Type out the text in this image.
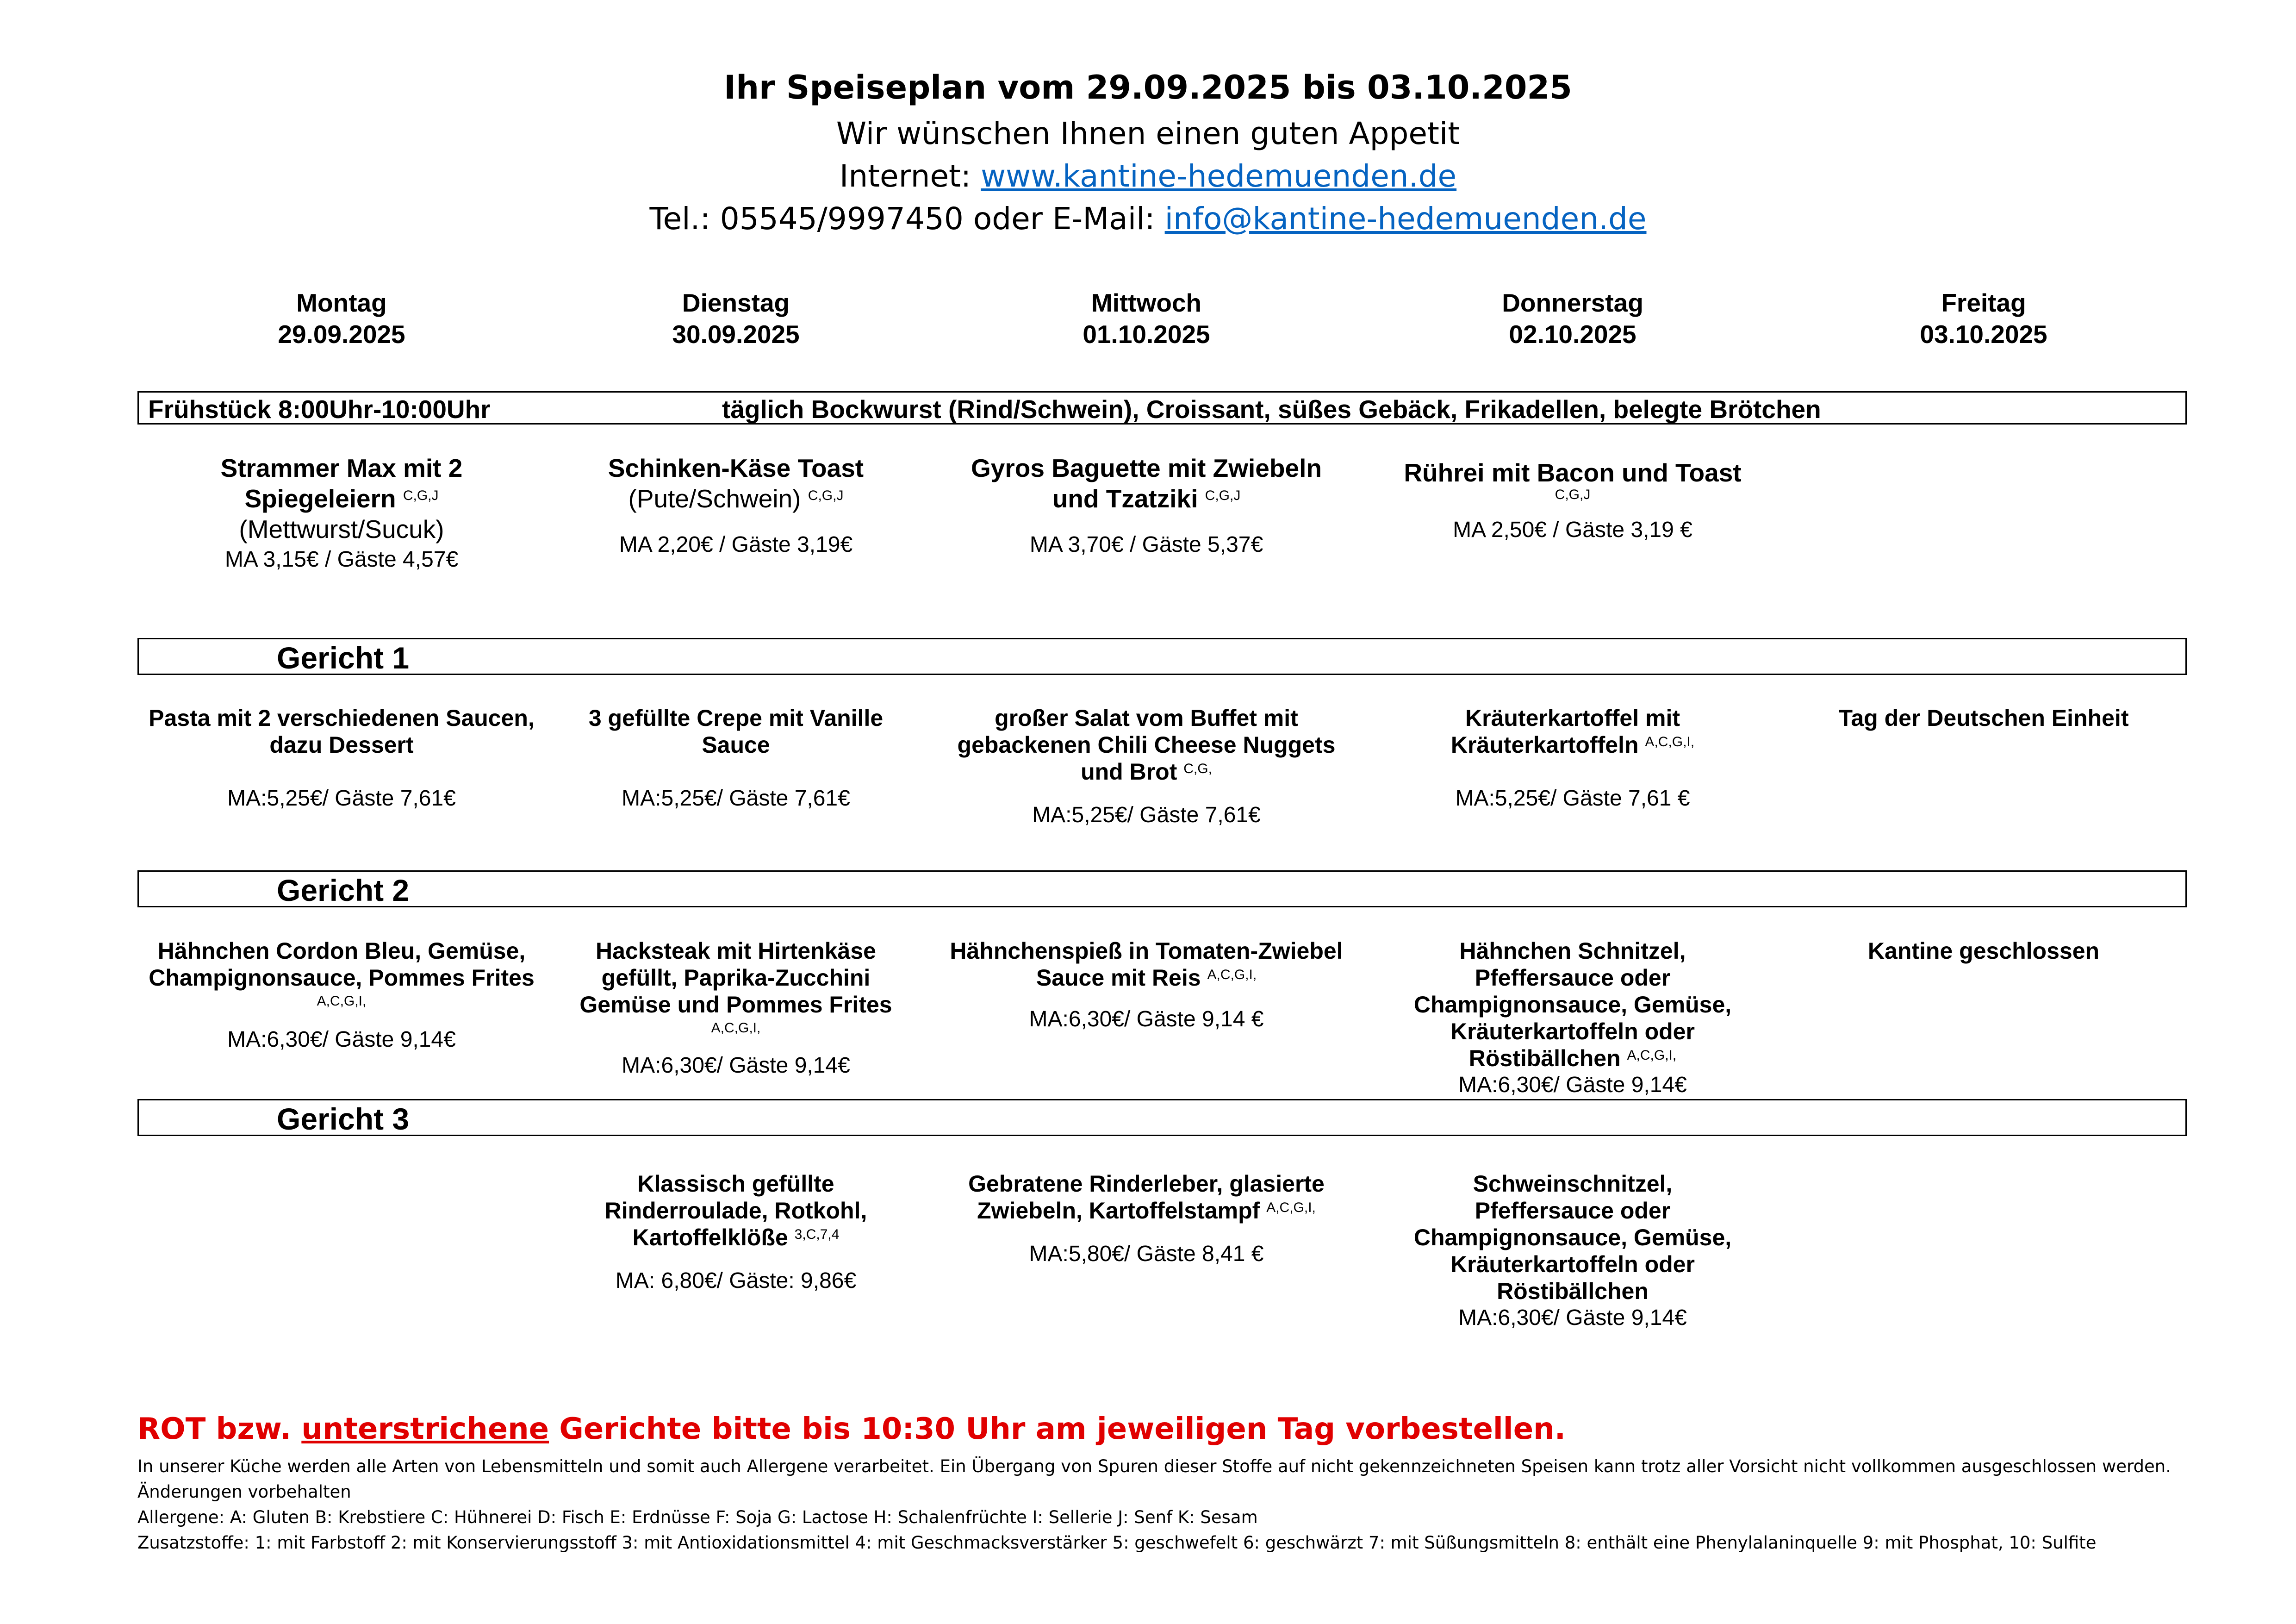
Ihr Speiseplan vom 29.09.2025 bis 03.10.2025
Wir wünschen Ihnen einen guten Appetit
Internet: www.kantine-hedemuenden.de
Tel.: 05545/9997450 oder E-Mail: info@kantine-hedemuenden.de
Montag
29.09.2025
Dienstag
30.09.2025
Mittwoch
01.10.2025
Donnerstag
02.10.2025
Freitag
03.10.2025
Frühstück 8:00Uhr-10:00Uhr	täglich Bockwurst (Rind/Schwein), Croissant, süßes Gebäck, Frikadellen, belegte Brötchen
Strammer Max mit 2
Spiegeleiern $^{C,G,J}$
(Mettwurst/Sucuk)
MA 3,15€ / Gäste 4,57€
Schinken-Käse Toast
(Pute/Schwein) $^{C,G,J}$
MA 2,20€ / Gäste 3,19€
Gyros Baguette mit Zwiebeln
und Tzatziki $^{C,G,J}$
MA 3,70€ / Gäste 5,37€
Rührei mit Bacon und Toast
$^{C,G,J}$
MA 2,50€ / Gäste 3,19 €
Gericht 1
Pasta mit 2 verschiedenen Saucen,
dazu Dessert
MA:5,25€/ Gäste 7,61€
3 gefüllte Crepe mit Vanille
Sauce
MA:5,25€/ Gäste 7,61€
großer Salat vom Buffet mit
gebackenen Chili Cheese Nuggets
und Brot $^{C,G,}$
MA:5,25€/ Gäste 7,61€
Kräuterkartoffel mit
Kräuterkartoffeln $^{A,C,G,I,}$
MA:5,25€/ Gäste 7,61 €
Tag der Deutschen Einheit
Gericht 2
Hähnchen Cordon Bleu, Gemüse,
Champignonsauce, Pommes Frites
$^{A,C,G,I,}$
MA:6,30€/ Gäste 9,14€
Hacksteak mit Hirtenkäse
gefüllt, Paprika-Zucchini
Gemüse und Pommes Frites
$^{A,C,G,I,}$
MA:6,30€/ Gäste 9,14€
Hähnchenspieß in Tomaten-Zwiebel
Sauce mit Reis $^{A,C,G,I,}$
MA:6,30€/ Gäste 9,14 €
Hähnchen Schnitzel,
Pfeffersauce oder
Champignonsauce, Gemüse,
Kräuterkartoffeln oder
Röstibällchen $^{A,C,G,I,}$
MA:6,30€/ Gäste 9,14€
Kantine geschlossen
Gericht 3
Klassisch gefüllte
Rinderroulade, Rotkohl,
Kartoffelklöße $^{3,C,7,4}$
MA: 6,80€/ Gäste: 9,86€
Gebratene Rinderleber, glasierte
Zwiebeln, Kartoffelstampf $^{A,C,G,I,}$
MA:5,80€/ Gäste 8,41 €
Schweinschnitzel,
Pfeffersauce oder
Champignonsauce, Gemüse,
Kräuterkartoffeln oder
Röstibällchen
MA:6,30€/ Gäste 9,14€
ROT bzw. unterstrichene Gerichte bitte bis 10:30 Uhr am jeweiligen Tag vorbestellen.
In unserer Küche werden alle Arten von Lebensmitteln und somit auch Allergene verarbeitet. Ein Übergang von Spuren dieser Stoffe auf nicht gekennzeichneten Speisen kann trotz aller Vorsicht nicht vollkommen ausgeschlossen werden.
Änderungen vorbehalten
Allergene: A: Gluten B: Krebstiere C: Hühnerei D: Fisch E: Erdnüsse F: Soja G: Lactose H: Schalenfrüchte I: Sellerie J: Senf K: Sesam
Zusatzstoffe: 1: mit Farbstoff 2: mit Konservierungsstoff 3: mit Antioxidationsmittel 4: mit Geschmacksverstärker 5: geschwefelt 6: geschwärzt 7: mit Süßungsmitteln 8: enthält eine Phenylalaninquelle 9: mit Phosphat, 10: Sulfite
